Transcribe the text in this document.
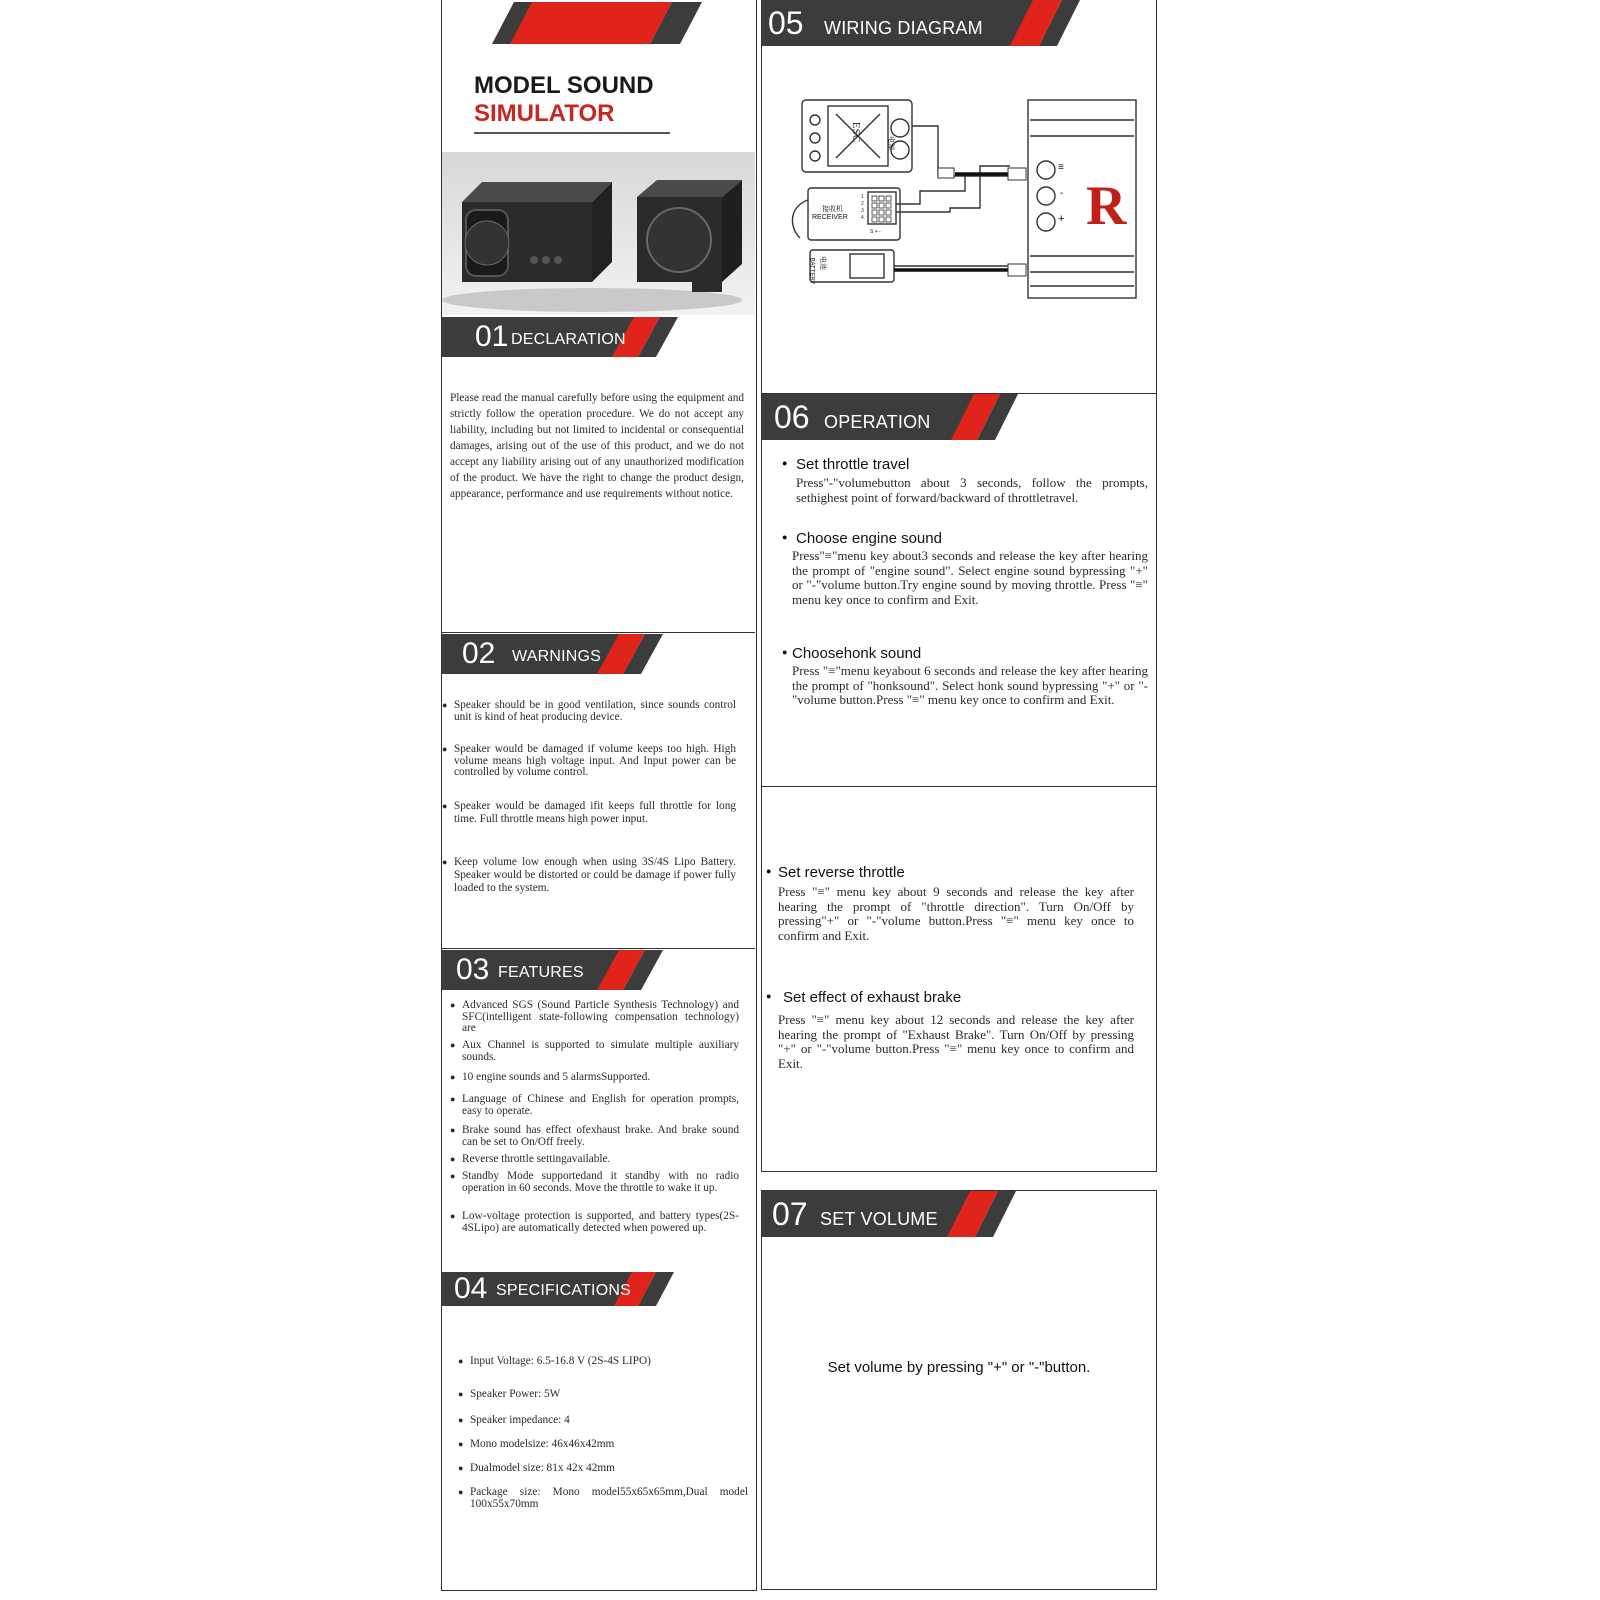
MODEL SOUND
SIMULATOR
01 DECLARATION

Please read the manual carefully before using the equipment and strictly follow the operation procedure. We do not accept any liability, including but not limited to incidental or consequential damages, arising out of the use of this product, and we do not accept any liability arising out of any unauthorized modification of the product. We have the right to change the product design, appearance, performance and use requirements without notice.

02 WARNINGS

● Speaker should be in good ventilation, since sounds control unit is kind of heat producing device.

● Speaker would be damaged if volume keeps too high. High volume means high voltage input. And Input power can be controlled by volume control.

● Speaker would be damaged ifit keeps full throttle for long time. Full throttle means high power input.

● Keep volume low enough when using 3S/4S Lipo Battery. Speaker would be distorted or could be damage if power fully loaded to the system.

03 FEATURES

● Advanced SGS (Sound Particle Synthesis Technology) and SFC(intelligent state-following compensation technology) are

● Aux Channel is supported to simulate multiple auxiliary sounds.

● 10 engine sounds and 5 alarmsSupported.

● Language of Chinese and English for operation prompts, easy to operate.

● Brake sound has effect ofexhaust brake. And brake sound can be set to On/Off freely.

● Reverse throttle settingavailable.

● Standby Mode supportedand it standby with no radio operation in 60 seconds. Move the throttle to wake it up.

● Low-voltage protection is supported, and battery types(2S-4SLipo) are automatically detected when powered up.

04 SPECIFICATIONS

● Input Voltage: 6.5-16.8 V (2S-4S LIPO)

● Speaker Power: 5W

● Speaker impedance: 4

● Mono modelsize: 46x46x42mm

● Dualmodel size: 81x 42x 42mm

● Package size: Mono model55x65x65mm,Dual model 100x55x70mm

05 WIRING DIAGRAM
R
ESC
电源
接收机
RECEIVER
1
2
3
4
S + -
电池
BATTERY
≡
-
+
06 OPERATION
Set throttle travel
●

Press"-"volumebutton about 3 seconds, follow the prompts, sethighest point of forward/backward of throttletravel.

● Choose engine sound

Press"≡"menu key about3 seconds and release the key after hearing the prompt of "engine sound". Select engine sound bypressing "+" or "-"volume button.Try engine sound by moving throttle. Press "≡" menu key once to confirm and Exit.

● Choosehonk sound

Press "≡"menu keyabout 6 seconds and release the key after hearing the prompt of "honksound". Select honk sound bypressing "+" or "-"volume button.Press "≡" menu key once to confirm and Exit.

● Set reverse throttle

Press "≡" menu key about 9 seconds and release the key after hearing the prompt of "throttle direction". Turn On/Off by pressing"+" or "-"volume button.Press "≡" menu key once to confirm and Exit.

● Set effect of exhaust brake

Press "≡" menu key about 12 seconds and release the key after hearing the prompt of "Exhaust Brake". Turn On/Off by pressing "+" or "-"volume button.Press "≡" menu key once to confirm and Exit.

07 SET VOLUME

Set volume by pressing "+" or "-"button.
